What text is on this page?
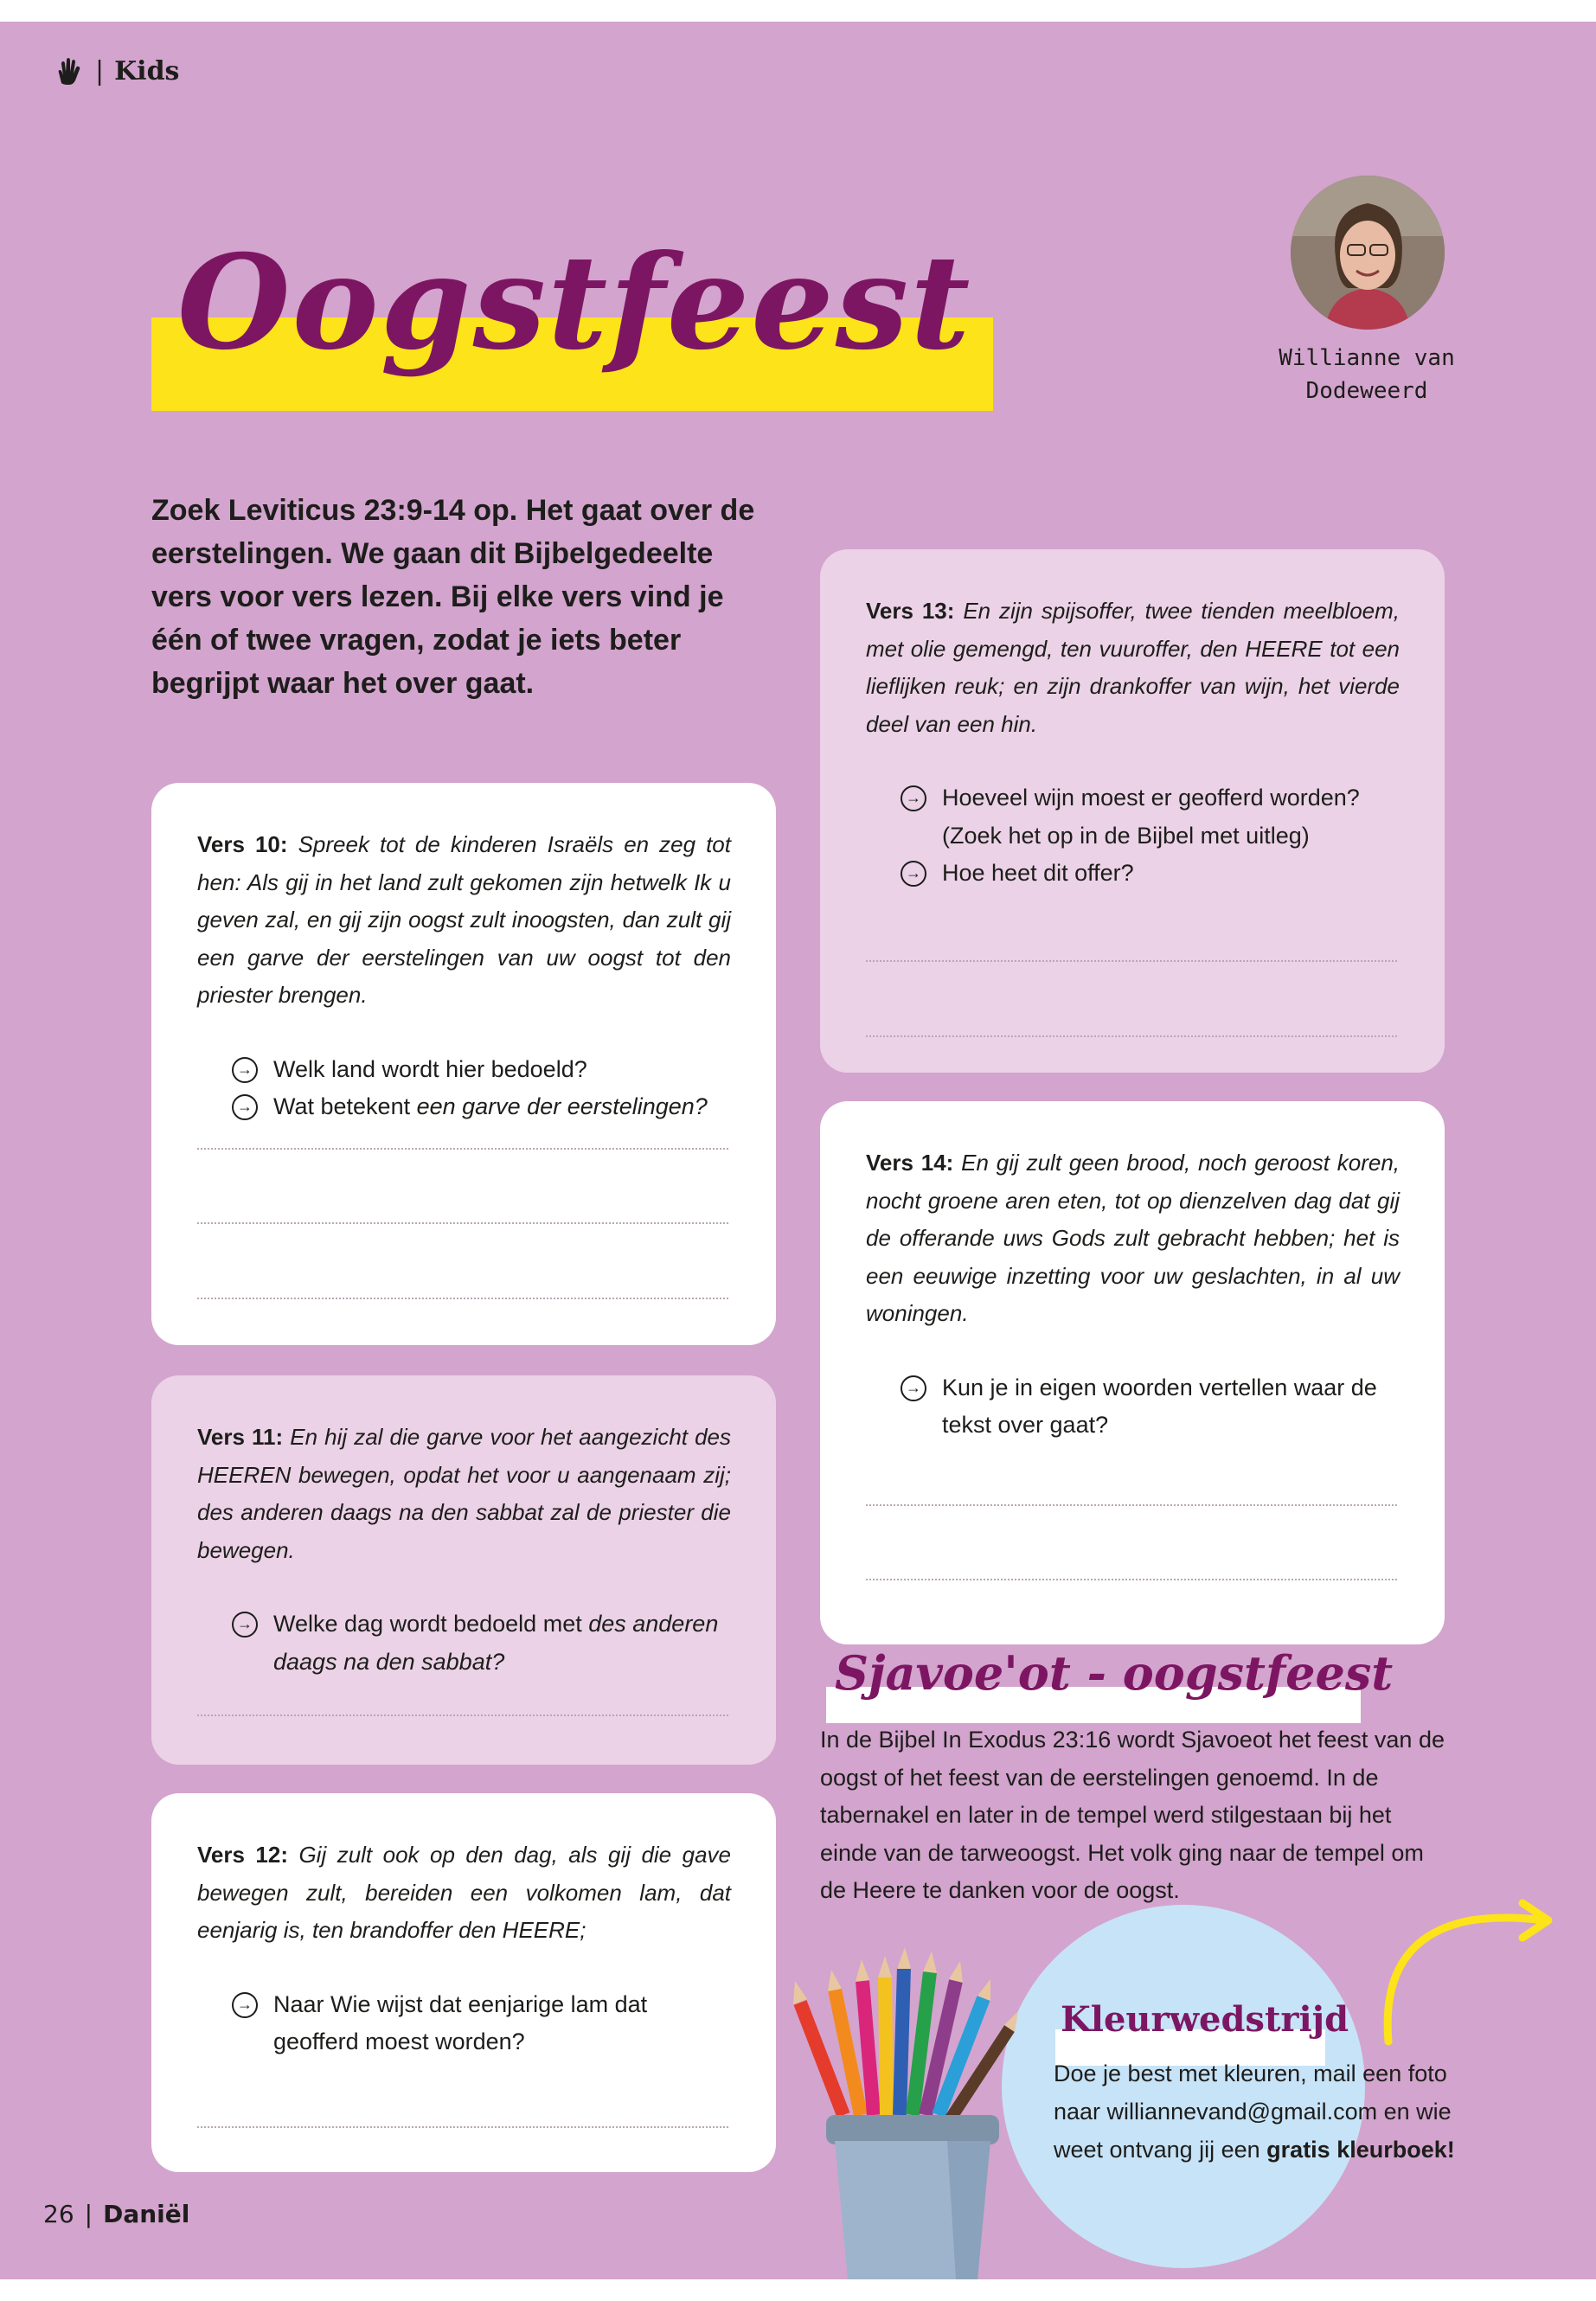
| Kids
Oogstfeest	Willianne van
Dodeweerd
Zoek Leviticus 23:9-14 op. Het gaat over de eerstelingen. We gaan dit Bijbelgedeelte vers voor vers lezen. Bij elke vers vind je één of twee vragen, zodat je iets beter begrijpt waar het over gaat.

Vers 10: Spreek tot de kinderen Israëls en zeg tot hen: Als gij in het land zult gekomen zijn hetwelk Ik u geven zal, en gij zijn oogst zult inoogsten, dan zult gij een garve der eerstelingen van uw oogst tot den priester brengen.

→ Welk land wordt hier bedoeld?
→ Wat betekent een garve der eerstelingen?

Vers 11: En hij zal die garve voor het aangezicht des HEEREN bewegen, opdat het voor u aangenaam zij; des anderen daags na den sabbat zal de priester die bewegen.

→ Welke dag wordt bedoeld met des anderen daags na den sabbat?

Vers 12: Gij zult ook op den dag, als gij die gave bewegen zult, bereiden een volkomen lam, dat eenjarig is, ten brandoffer den HEERE;

→ Naar Wie wijst dat eenjarige lam dat geofferd moest worden?

Vers 13: En zijn spijsoffer, twee tienden meelbloem, met olie gemengd, ten vuuroffer, den HEERE tot een lieflijken reuk; en zijn drankoffer van wijn, het vierde deel van een hin.

→ Hoeveel wijn moest er geofferd worden? (Zoek het op in de Bijbel met uitleg)
→ Hoe heet dit offer?

Vers 14: En gij zult geen brood, noch geroost koren, nocht groene aren eten, tot op dienzelven dag dat gij de offerande uws Gods zult gebracht hebben; het is een eeuwige inzetting voor uw geslachten, in al uw woningen.

→ Kun je in eigen woorden vertellen waar de tekst over gaat?
Sjavoe'ot - oogstfeest
In de Bijbel In Exodus 23:16 wordt Sjavoeot het feest van de oogst of het feest van de eerstelingen genoemd. In de tabernakel en later in de tempel werd stilgestaan bij het einde van de tarweoogst. Het volk ging naar de tempel om de Heere te danken voor de oogst.
Kleurwedstrijd
Doe je best met kleuren, mail een foto naar williannevand@gmail.com en wie weet ontvang jij een gratis kleurboek!
26 | Daniël
